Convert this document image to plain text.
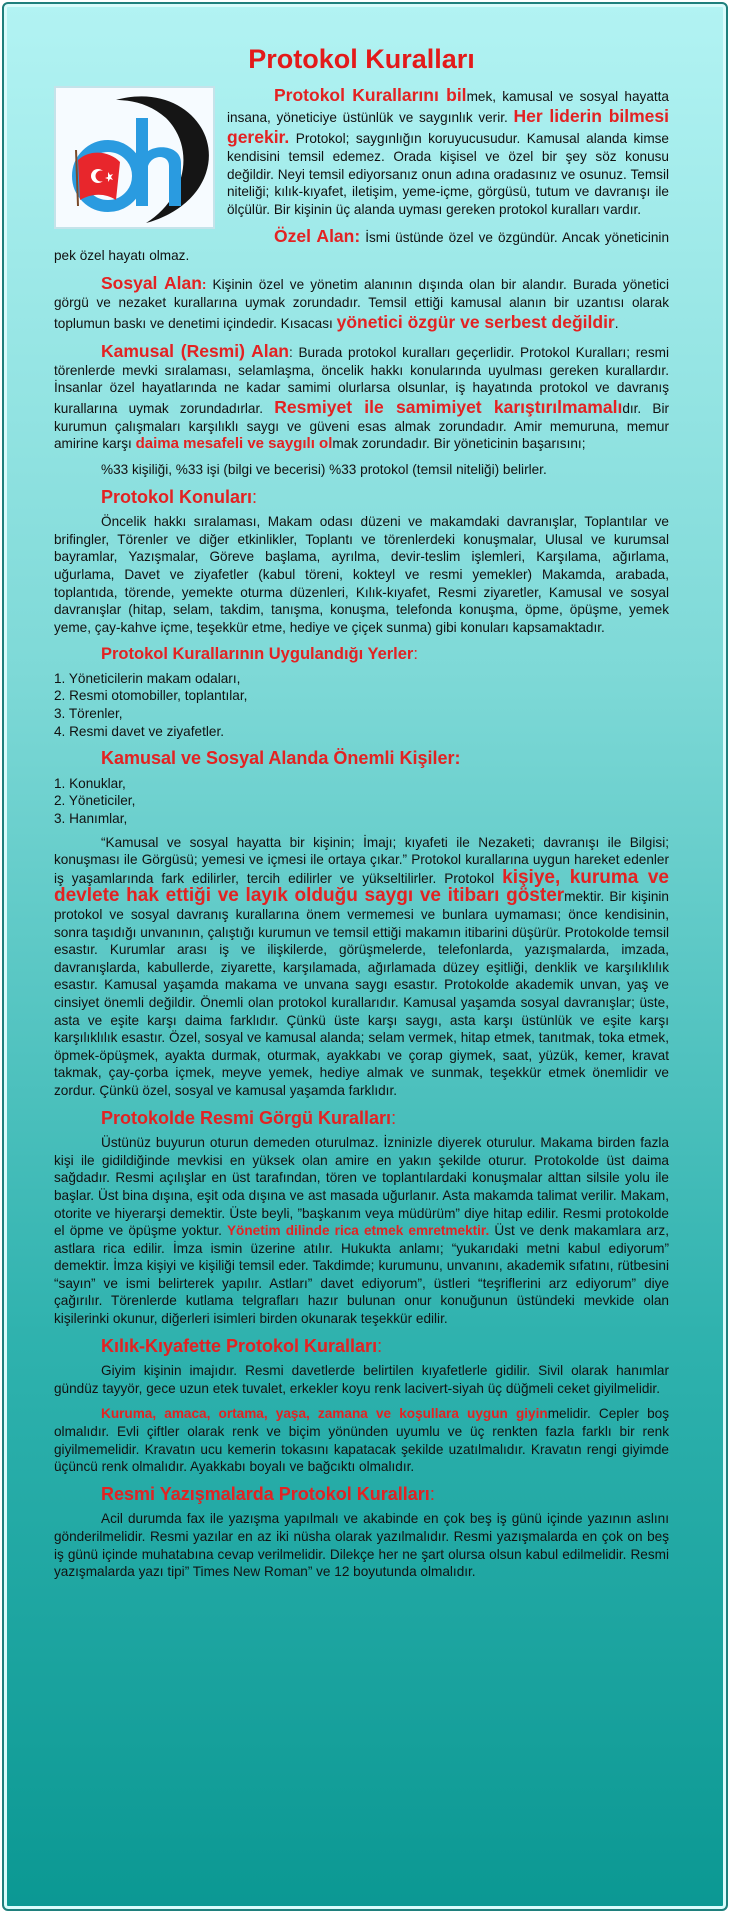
Protokol Kuralları

Protokol Kurallarını bilmek, kamusal ve sosyal hayatta insana, yöneticiye üstünlük ve saygınlık verir. Her liderin bilmesi gerekir. Protokol; saygınlığın koruyucusudur. Kamusal alanda kimse kendisini temsil edemez. Orada kişisel ve özel bir şey söz konusu değildir. Neyi temsil ediyorsanız onun adına oradasınız ve osunuz. Temsil niteliği; kılık-kıyafet, iletişim, yeme-içme, görgüsü, tutum ve davranışı ile ölçülür. Bir kişinin üç alanda uyması gereken protokol kuralları vardır.

Özel Alan: İsmi üstünde özel ve özgündür. Ancak yöneticinin pek özel hayatı olmaz.

Sosyal Alan: Kişinin özel ve yönetim alanının dışında olan bir alandır. Burada yönetici görgü ve nezaket kurallarına uymak zorundadır. Temsil ettiği kamusal alanın bir uzantısı olarak toplumun baskı ve denetimi içindedir. Kısacası yönetici özgür ve serbest değildir.

Kamusal (Resmi) Alan: Burada protokol kuralları geçerlidir. Protokol Kuralları; resmi törenlerde mevki sıralaması, selamlaşma, öncelik hakkı konularında uyulması gereken kurallardır. İnsanlar özel hayatlarında ne kadar samimi olurlarsa olsunlar, iş hayatında protokol ve davranış kurallarına uymak zorundadırlar. Resmiyet ile samimiyet karıştırılmamalıdır. Bir kurumun çalışmaları karşılıklı saygı ve güveni esas almak zorundadır. Amir memuruna, memur amirine karşı daima mesafeli ve saygılı olmak zorundadır. Bir yöneticinin başarısını;

%33 kişiliği, %33 işi (bilgi ve becerisi) %33 protokol (temsil niteliği) belirler.

Protokol Konuları:

Öncelik hakkı sıralaması, Makam odası düzeni ve makamdaki davranışlar, Toplantılar ve brifingler, Törenler ve diğer etkinlikler, Toplantı ve törenlerdeki konuşmalar, Ulusal ve kurumsal bayramlar, Yazışmalar, Göreve başlama, ayrılma, devir-teslim işlemleri, Karşılama, ağırlama, uğurlama, Davet ve ziyafetler (kabul töreni, kokteyl ve resmi yemekler) Makamda, arabada, toplantıda, törende, yemekte oturma düzenleri, Kılık-kıyafet, Resmi ziyaretler, Kamusal ve sosyal davranışlar (hitap, selam, takdim, tanışma, konuşma, telefonda konuşma, öpme, öpüşme, yemek yeme, çay-kahve içme, teşekkür etme, hediye ve çiçek sunma) gibi konuları kapsamaktadır.

Protokol Kurallarının Uygulandığı Yerler:
1. Yöneticilerin makam odaları,
2. Resmi otomobiller, toplantılar,
3. Törenler,
4. Resmi davet ve ziyafetler.
Kamusal ve Sosyal Alanda Önemli Kişiler:
1. Konuklar,
2. Yöneticiler,
3. Hanımlar,

“Kamusal ve sosyal hayatta bir kişinin; İmajı; kıyafeti ile Nezaketi; davranışı ile Bilgisi; konuşması ile Görgüsü; yemesi ve içmesi ile ortaya çıkar.” Protokol kurallarına uygun hareket edenler iş yaşamlarında fark edilirler, tercih edilirler ve yükseltilirler. Protokol kişiye, kuruma ve devlete hak ettiği ve layık olduğu saygı ve itibarı göstermektir. Bir kişinin protokol ve sosyal davranış kurallarına önem vermemesi ve bunlara uymaması; önce kendisinin, sonra taşıdığı unvanının, çalıştığı kurumun ve temsil ettiği makamın itibarini düşürür. Protokolde temsil esastır. Kurumlar arası iş ve ilişkilerde, görüşmelerde, telefonlarda, yazışmalarda, imzada, davranışlarda, kabullerde, ziyarette, karşılamada, ağırlamada düzey eşitliği, denklik ve karşılıklılık esastır. Kamusal yaşamda makama ve unvana saygı esastır. Protokolde akademik unvan, yaş ve cinsiyet önemli değildir. Önemli olan protokol kurallarıdır. Kamusal yaşamda sosyal davranışlar; üste, asta ve eşite karşı daima farklıdır. Çünkü üste karşı saygı, asta karşı üstünlük ve eşite karşı karşılıklılık esastır. Özel, sosyal ve kamusal alanda; selam vermek, hitap etmek, tanıtmak, toka etmek, öpmek-öpüşmek, ayakta durmak, oturmak, ayakkabı ve çorap giymek, saat, yüzük, kemer, kravat takmak, çay-çorba içmek, meyve yemek, hediye almak ve sunmak, teşekkür etmek önemlidir ve zordur. Çünkü özel, sosyal ve kamusal yaşamda farklıdır.

Protokolde Resmi Görgü Kuralları:

Üstünüz buyurun oturun demeden oturulmaz. İzninizle diyerek oturulur. Makama birden fazla kişi ile gidildiğinde mevkisi en yüksek olan amire en yakın şekilde oturur. Protokolde üst daima sağdadır. Resmi açılışlar en üst tarafından, tören ve toplantılardaki konuşmalar alttan silsile yolu ile başlar. Üst bina dışına, eşit oda dışına ve ast masada uğurlanır. Asta makamda talimat verilir. Makam, otorite ve hiyerarşi demektir. Üste beyli, ”başkanım veya müdürüm” diye hitap edilir. Resmi protokolde el öpme ve öpüşme yoktur. Yönetim dilinde rica etmek emretmektir. Üst ve denk makamlara arz, astlara rica edilir. İmza ismin üzerine atılır. Hukukta anlamı; “yukarıdaki metni kabul ediyorum” demektir. İmza kişiyi ve kişiliği temsil eder. Takdimde; kurumunu, unvanını, akademik sıfatını, rütbesini “sayın” ve ismi belirterek yapılır. Astları” davet ediyorum”, üstleri “teşriflerini arz ediyorum” diye çağırılır. Törenlerde kutlama telgrafları hazır bulunan onur konuğunun üstündeki mevkide olan kişilerinki okunur, diğerleri isimleri birden okunarak teşekkür edilir.

Kılık-Kıyafette Protokol Kuralları:

Giyim kişinin imajıdır. Resmi davetlerde belirtilen kıyafetlerle gidilir. Sivil olarak hanımlar gündüz tayyör, gece uzun etek tuvalet, erkekler koyu renk lacivert-siyah üç düğmeli ceket giyilmelidir.

Kuruma, amaca, ortama, yaşa, zamana ve koşullara uygun giyinmelidir. Cepler boş olmalıdır. Evli çiftler olarak renk ve biçim yönünden uyumlu ve üç renkten fazla farklı bir renk giyilmemelidir. Kravatın ucu kemerin tokasını kapatacak şekilde uzatılmalıdır. Kravatın rengi giyimde üçüncü renk olmalıdır. Ayakkabı boyalı ve bağcıktı olmalıdır.

Resmi Yazışmalarda Protokol Kuralları:

Acil durumda fax ile yazışma yapılmalı ve akabinde en çok beş iş günü içinde yazının aslını gönderilmelidir. Resmi yazılar en az iki nüsha olarak yazılmalıdır. Resmi yazışmalarda en çok on beş iş günü içinde muhatabına cevap verilmelidir. Dilekçe her ne şart olursa olsun kabul edilmelidir. Resmi yazışmalarda yazı tipi” Times New Roman” ve 12 boyutunda olmalıdır.
